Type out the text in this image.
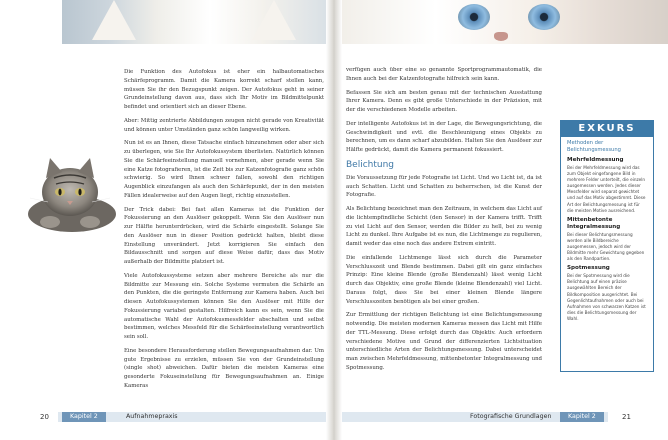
Die Funktion des Autofokus ist eher ein halbautomatisches Schärfeprogramm. Damit die Kamera korrekt scharf stellen kann, müssen Sie ihr den Bezugspunkt zeigen. Der Autofokus geht in seiner Grundeinstellung davon aus, dass sich Ihr Motiv im Bildmittelpunkt befindet und orientiert sich an dieser Ebene.

Aber: Mittig zentrierte Abbildungen zeugen nicht gerade von Kreativität und können unter Umständen ganz schön langweilig wirken.

Nun ist es an Ihnen, diese Tatsache einfach hinzunehmen oder aber sich zu überlegen, wie Sie Ihr Autofokussystem überlisten. Natürlich können Sie die Schärfeeinstellung manuell vornehmen, aber gerade wenn Sie eine Katze fotografieren, ist die Zeit bis zur Katzenfotografie ganz schön schwierig. So wird Ihnen schwer fallen, sowohl den richtigen Augenblick einzufangen als auch den Schärfepunkt, der in den meisten Fällen idealerweise auf den Augen liegt, richtig einzustellen.

Der Trick dabei: Bei fast allen Kameras ist die Funktion der Fokussierung an den Auslöser gekoppelt. Wenn Sie den Auslöser nun zur Hälfte herunterdrücken, wird die Schärfe eingestellt. Solange Sie den Auslöser nun in dieser Position gedrückt halten, bleibt diese Einstellung unverändert. Jetzt korrigieren Sie einfach den Bildausschnitt und sorgen auf diese Weise dafür, dass das Motiv außerhalb der Bildmitte platziert ist.

Viele Autofokussysteme setzen aber mehrere Bereiche als nur die Bildmitte zur Messung ein. Solche Systeme vermuten die Schärfe an den Punkten, die die geringste Entfernung zur Kamera haben. Auch bei diesen Autofokussystemen können Sie den Auslöser mit Hilfe der Fokussierung variabel gestalten. Hilfreich kann es sein, wenn Sie die automatische Wahl der Autofokusmessfelder abschalten und selbst bestimmen, welches Messfeld für die Schärfeeinstellung verantwortlich sein soll.

Eine besondere Herausforderung stellen Bewegungsaufnahmen dar. Um gute Ergebnisse zu erzielen, müssen Sie von der Grundeinstellung (single shot) abweichen. Dafür bieten die meisten Kameras eine gesonderte Fokuseinstellung für Bewegungsaufnahmen an. Einige Kameras

20	Kapitel 2	Aufnahmepraxis

verfügen auch über eine so genannte Sportprogrammautomatik, die Ihnen auch bei der Katzenfotografie hilfreich sein kann.

Befassen Sie sich am besten genau mit der technischen Ausstattung Ihrer Kamera. Denn es gibt große Unterschiede in der Präzision, mit der die verschiedenen Modelle arbeiten.

Der intelligente Autofokus ist in der Lage, die Bewegungsrichtung, die Geschwindigkeit und evtl. die Beschleunigung eines Objekts zu berechnen, um es dann scharf abzubilden. Halten Sie den Auslöser zur Hälfte gedrückt, damit die Kamera permanent fokussiert.

Belichtung

Die Voraussetzung für jede Fotografie ist Licht. Und wo Licht ist, da ist auch Schatten. Licht und Schatten zu beherrschen, ist die Kunst der Fotografie.

Als Belichtung bezeichnet man den Zeitraum, in welchem das Licht auf die lichtempfindliche Schicht (den Sensor) in der Kamera trifft. Trifft zu viel Licht auf den Sensor, werden die Bilder zu hell, bei zu wenig Licht zu dunkel. Ihre Aufgabe ist es nun, die Lichtmenge zu regulieren, damit weder das eine noch das andere Extrem eintritt.

Die einfallende Lichtmenge lässt sich durch die Parameter Verschlusszeit und Blende bestimmen. Dabei gilt ein ganz einfaches Prinzip: Eine kleine Blende (große Blendenzahl) lässt wenig Licht durch das Objektiv, eine große Blende (kleine Blendenzahl) viel Licht. Daraus folgt, dass Sie bei einer kleinen Blende längere Verschlusszeiten benötigen als bei einer großen.

Zur Ermittlung der richtigen Belichtung ist eine Belichtungsmessung notwendig. Die meisten modernen Kameras messen das Licht mit Hilfe der TTL-Messung. Diese erfolgt durch das Objektiv. Auch erfordern verschiedene Motive und Grund der differenzierten Lichtsituation unterschiedliche Arten der Belichtungsmessung. Dabei unterscheidet man zwischen Mehrfeldmessung, mittenbetonter Integralmessung und Spotmessung.

EXKURS
Methoden der Belichtungsmessung
Mehrfeldmessung
Bei der Mehrfeldmessung wird das zum Objekt eingefangene Bild in mehrere Felder unterteilt, die einzeln ausgemessen werden. Jedes dieser Messfelder wird separat gewichtet und auf das Motiv abgestimmt. Diese Art der Belichtungsmessung ist für die meisten Motive ausreichend.
Mittenbetonte Integralmessung
Bei dieser Belichtungsmessung werden alle Bildbereiche ausgemessen, jedoch wird der Bildmitte mehr Gewichtung gegeben als den Randpartien.
Spotmessung
Bei der Spotmessung wird die Belichtung auf einen präzise ausgewählten Bereich der Bildkomposition ausgerichtet. Bei Gegenlichtaufnahmen oder auch bei Aufnahmen von schwarzen Katzen ist dies die Belichtungsmessung der Wahl.
Fotografische Grundlagen	Kapitel 2	21
